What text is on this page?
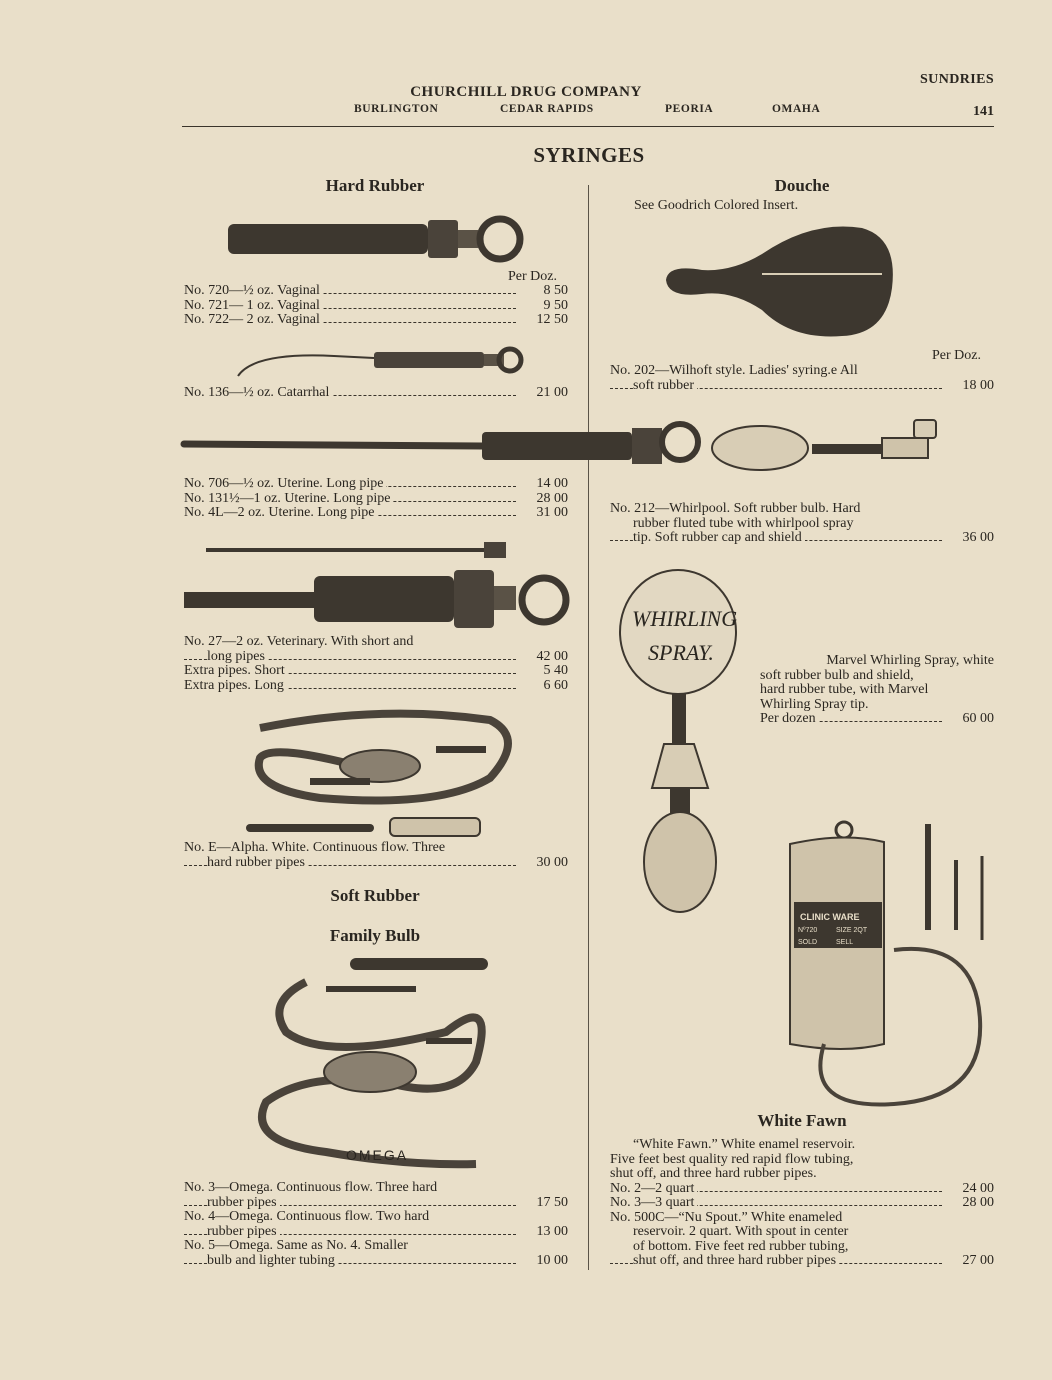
SUNDRIES
CHURCHILL DRUG COMPANY
BURLINGTON	CEDAR RAPIDS	PEORIA	OMAHA	141
SYRINGES
Hard Rubber
Per Doz.
No. 720—½ oz. Vaginal	8 50
No. 721— 1 oz. Vaginal	9 50
No. 722— 2 oz. Vaginal	12 50
No. 136—½ oz. Catarrhal	21 00
No. 706—½ oz. Uterine. Long pipe	14 00
No. 131½—1 oz. Uterine. Long pipe	28 00
No. 4L—2 oz. Uterine. Long pipe	31 00
No. 27—2 oz. Veterinary. With short and
long pipes	42 00
Extra pipes. Short	5 40
Extra pipes. Long	6 60
No. E—Alpha. White. Continuous flow. Three
hard rubber pipes	30 00
Soft Rubber
Family Bulb
OMEGA
No. 3—Omega. Continuous flow. Three hard
rubber pipes	17 50
No. 4—Omega. Continuous flow. Two hard
rubber pipes	13 00
No. 5—Omega. Same as No. 4. Smaller
bulb and lighter tubing	10 00
Douche
See Goodrich Colored Insert.
Per Doz.
No. 202—Wilhoft style. Ladies' syring.e All
soft rubber	18 00
No. 212—Whirlpool. Soft rubber bulb. Hard
rubber fluted tube with whirlpool spray
tip. Soft rubber cap and shield	36 00
WHIRLING
SPRAY.	Marvel Whirling Spray, white
soft rubber bulb and shield,
hard rubber tube, with Marvel
Whirling Spray tip.
Per dozen	60 00
CLINIC WARE
Nº720	SIZE 2QT
SOLD	SELL
White Fawn
“White Fawn.” White enamel reservoir.
Five feet best quality red rapid flow tubing,
shut off, and three hard rubber pipes.
No. 2—2 quart	24 00
No. 3—3 quart	28 00
No. 500C—“Nu Spout.” White enameled
reservoir. 2 quart. With spout in center
of bottom. Five feet red rubber tubing,
shut off, and three hard rubber pipes	27 00
